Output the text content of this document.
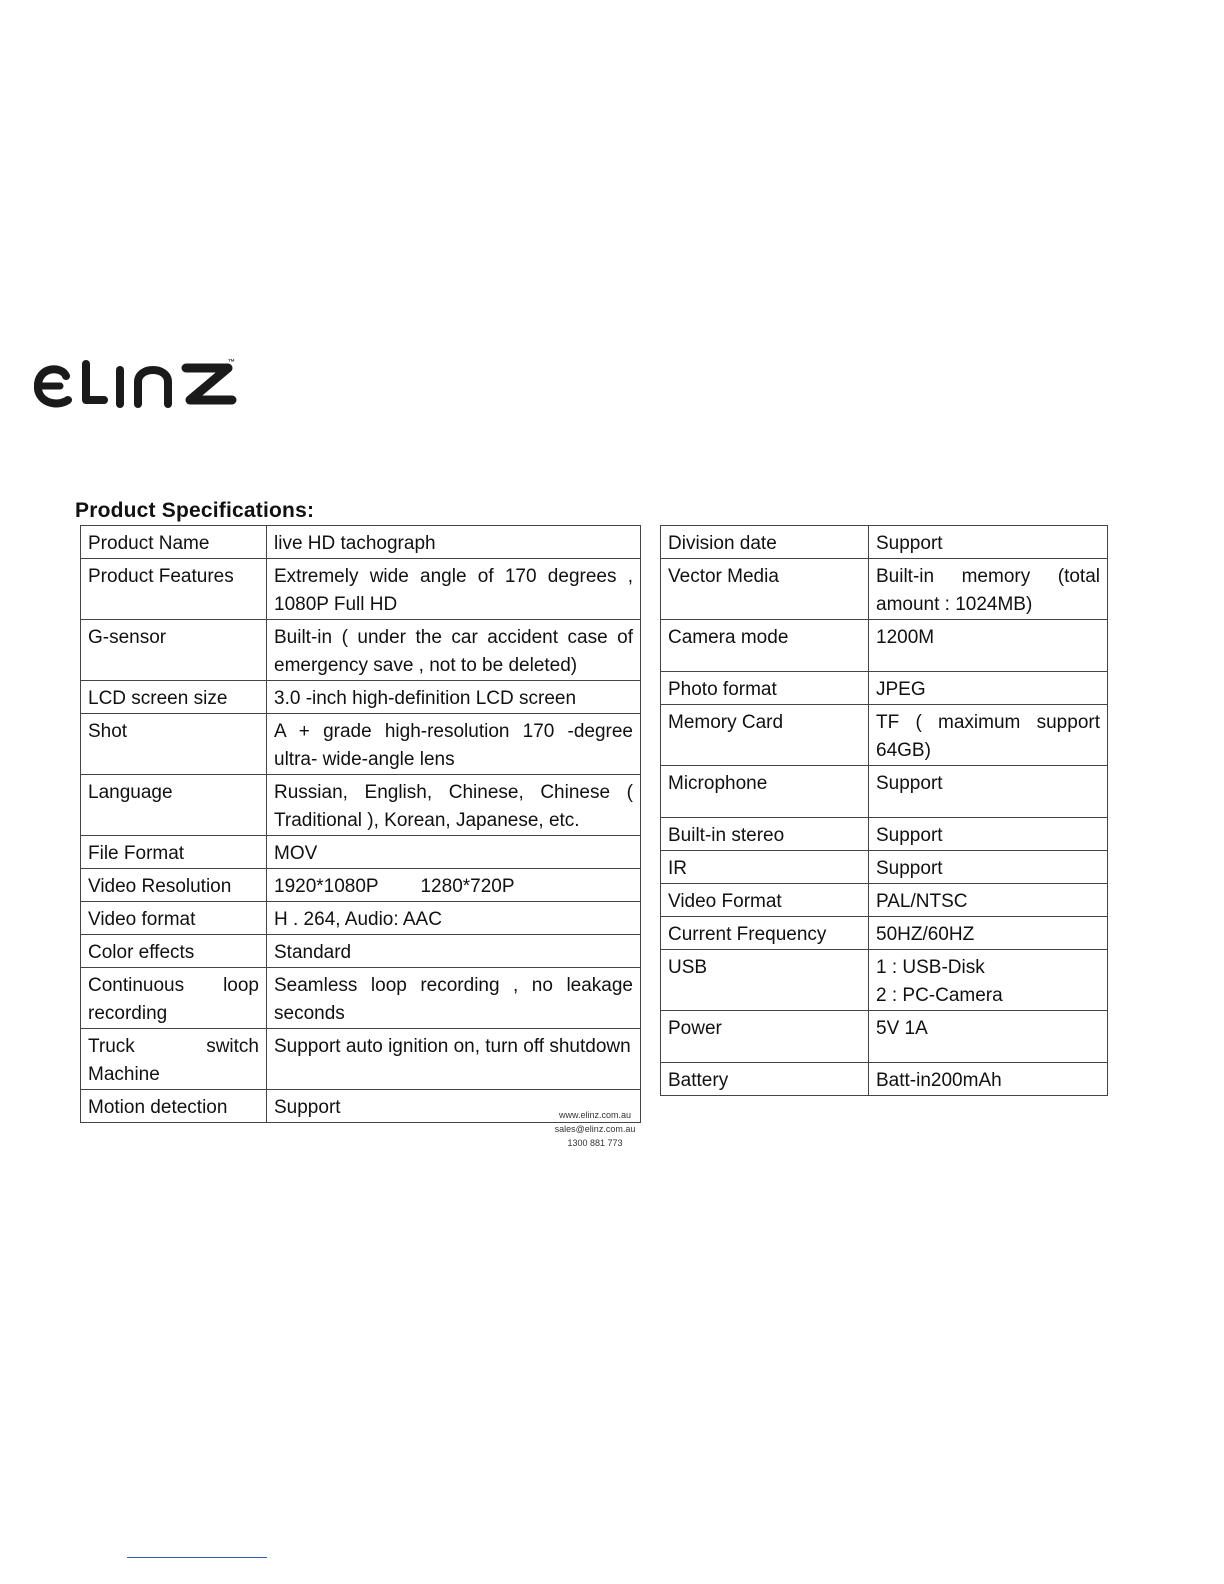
™
Product Specifications:
Product Name	live HD tachograph
Product Features	Extremely wide angle of 170 degrees , 1080P Full HD
G-sensor	Built-in ( under the car accident case of emergency save , not to be deleted)
LCD screen size	3.0 -inch high-definition LCD screen
Shot	A + grade high-resolution 170 -degree ultra- wide-angle lens
Language	Russian, English, Chinese, Chinese ( Traditional ), Korean, Japanese, etc.
File Format	MOV
Video Resolution	1920*1080P        1280*720P
Video format	H . 264, Audio: AAC
Color effects	Standard
Continuous loop recording	Seamless loop recording , no leakage seconds
Truck switch Machine	Support auto ignition on, turn off shutdown
Motion detection	Support
Division date	Support
Vector Media	Built-in memory (total amount : 1024MB)
Camera mode	1200M
Photo format	JPEG
Memory Card	TF ( maximum support 64GB)
Microphone	Support
Built-in stereo	Support
IR	Support
Video Format	PAL/NTSC
Current Frequency	50HZ/60HZ
USB	1 : USB-Disk
2 : PC-Camera
Power	5V 1A
Battery	Batt-in200mAh
www.elinz.com.au
sales@elinz.com.au
1300 881 773
